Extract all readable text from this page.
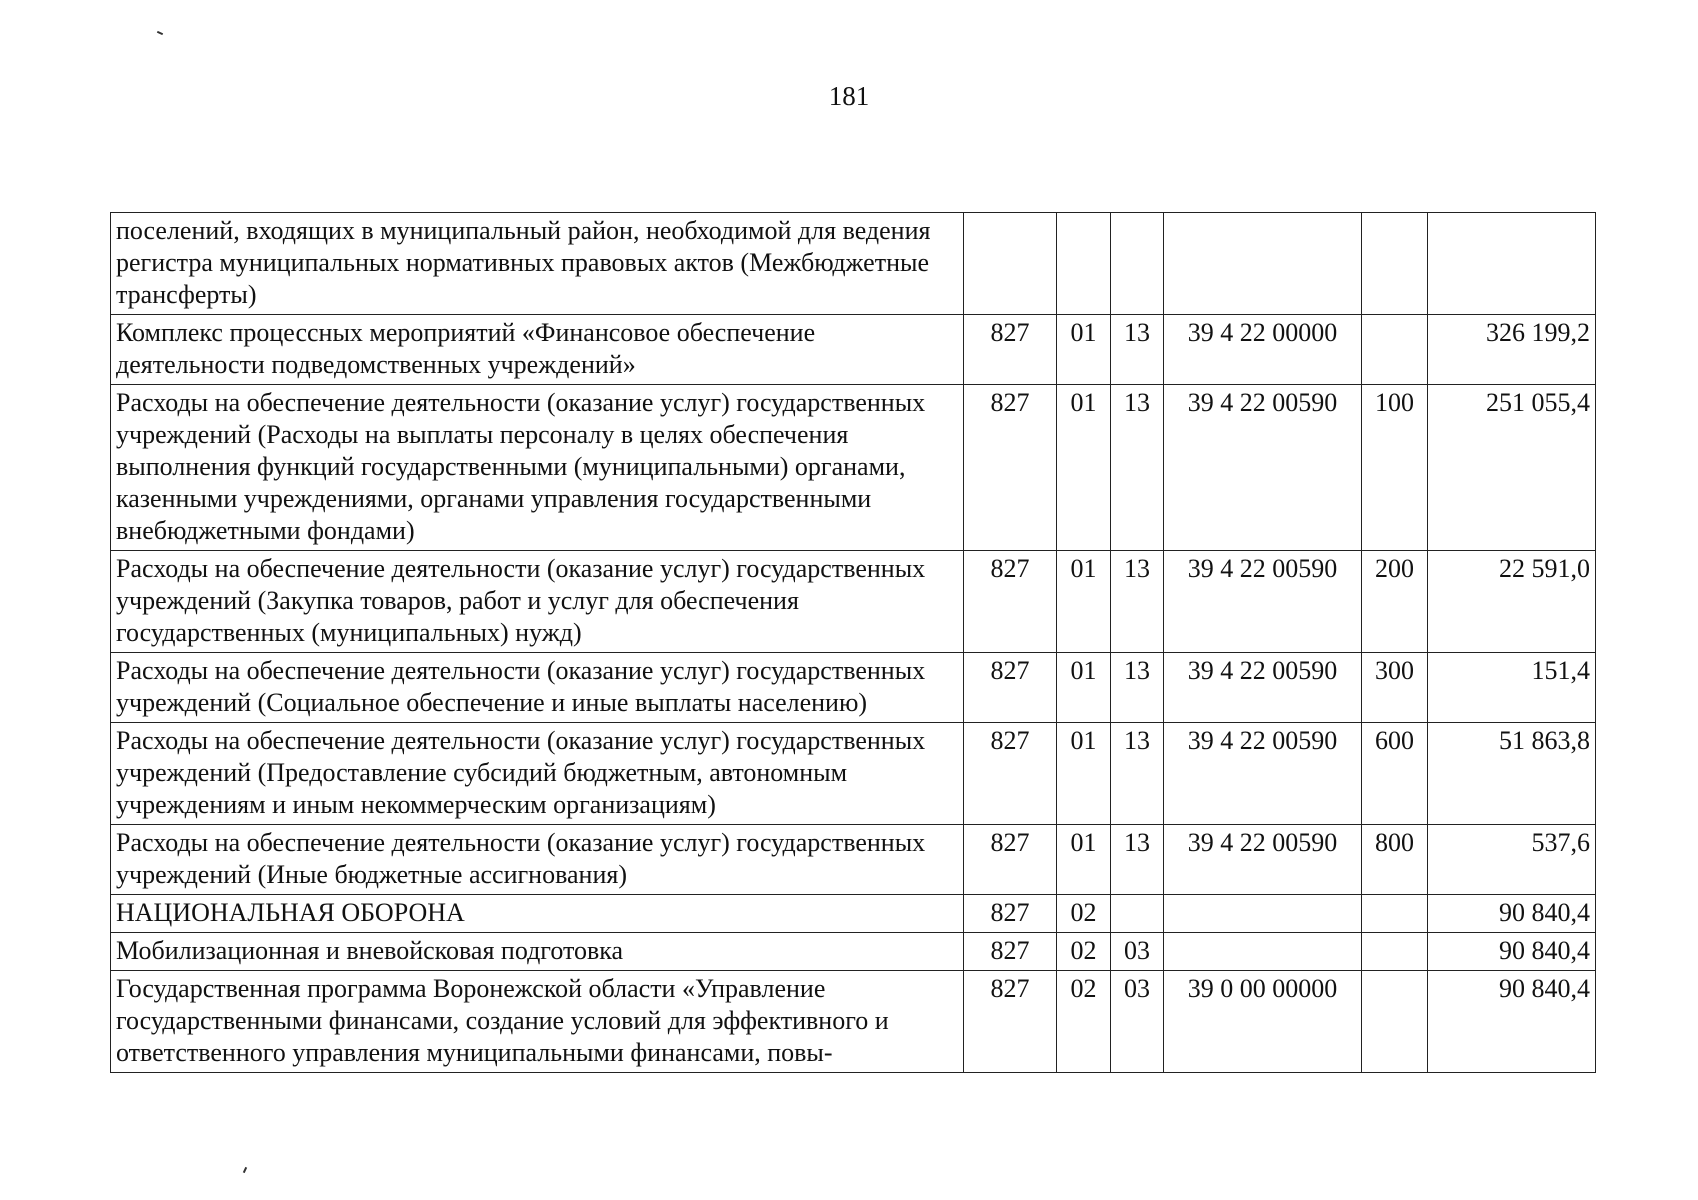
181
поселений, входящих в муниципальный район, необходимой для ведения регистра муниципальных нормативных правовых актов (Межбюджетные трансферты)						
Комплекс процессных мероприятий «Финансовое обеспечение деятельности подведомственных учреждений»	827	01	13	39 4 22 00000		326 199,2
Расходы на обеспечение деятельности (оказание услуг) государственных учреждений (Расходы на выплаты персоналу в целях обеспечения выполнения функций государственными (муниципальными) органами, казенными учреждениями, органами управления государственными внебюджетными фондами)	827	01	13	39 4 22 00590	100	251 055,4
Расходы на обеспечение деятельности (оказание услуг) государственных учреждений (Закупка товаров, работ и услуг для обеспечения государственных (муниципальных) нужд)	827	01	13	39 4 22 00590	200	22 591,0
Расходы на обеспечение деятельности (оказание услуг) государственных учреждений (Социальное обеспечение и иные выплаты населению)	827	01	13	39 4 22 00590	300	151,4
Расходы на обеспечение деятельности (оказание услуг) государственных учреждений (Предоставление субсидий бюджетным, автономным учреждениям и иным некоммерческим организациям)	827	01	13	39 4 22 00590	600	51 863,8
Расходы на обеспечение деятельности (оказание услуг) государственных учреждений (Иные бюджетные ассигнования)	827	01	13	39 4 22 00590	800	537,6
НАЦИОНАЛЬНАЯ ОБОРОНА	827	02				90 840,4
Мобилизационная и вневойсковая подготовка	827	02	03			90 840,4
Государственная программа Воронежской области «Управление государственными финансами, создание условий для эффективного и ответственного управления муниципальными финансами, повы-	827	02	03	39 0 00 00000		90 840,4
